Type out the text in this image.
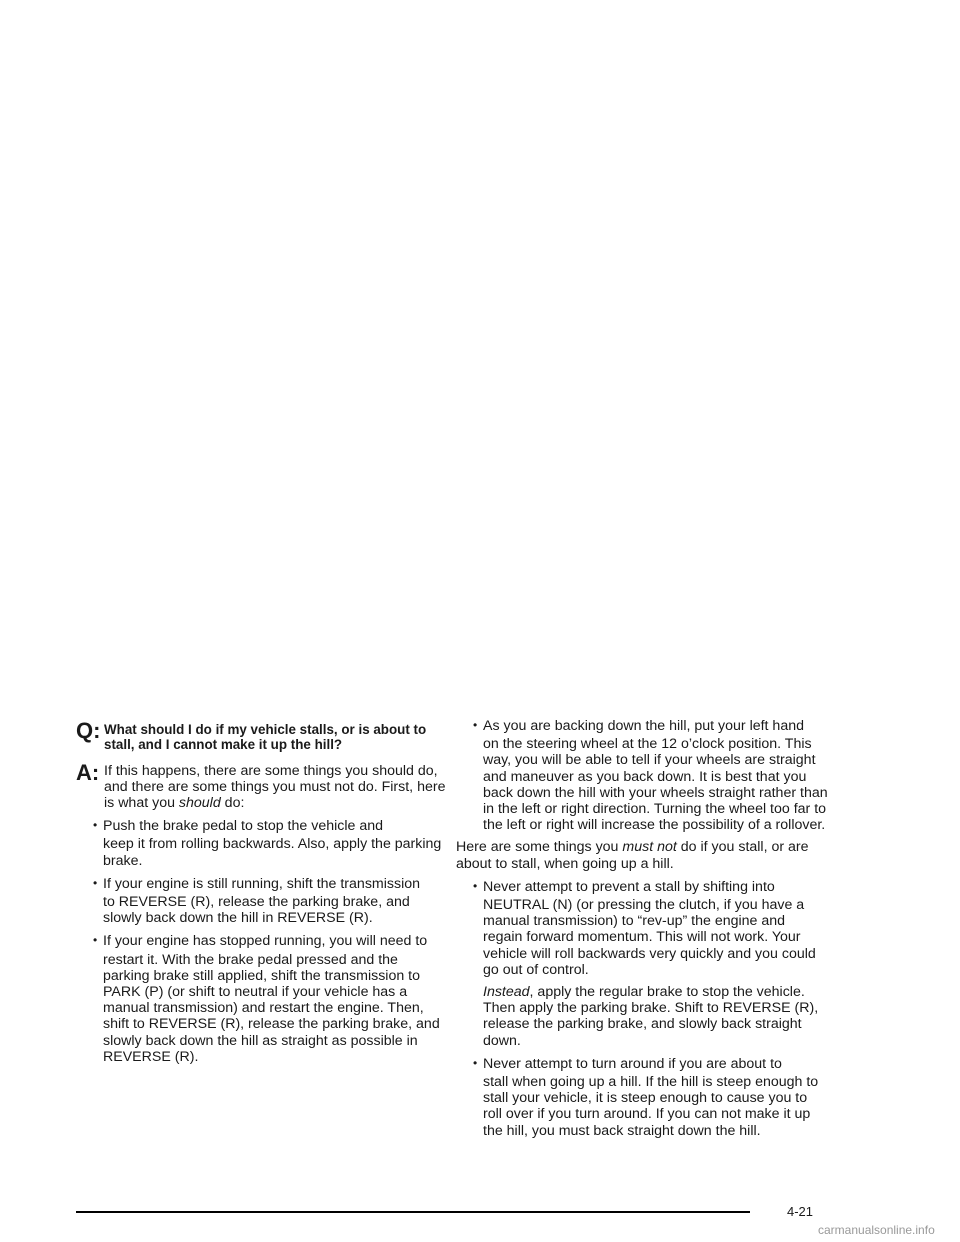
Q: What should I do if my vehicle stalls, or is about to stall, and I cannot make it up the hill?
A: If this happens, there are some things you should do, and there are some things you must not do. First, here is what you should do:

• Push the brake pedal to stop the vehicle and
keep it from rolling backwards. Also, apply the parking brake.
• If your engine is still running, shift the transmission
to REVERSE (R), release the parking brake, and slowly back down the hill in REVERSE (R).
• If your engine has stopped running, you will need to
restart it. With the brake pedal pressed and the parking brake still applied, shift the transmission to PARK (P) (or shift to neutral if your vehicle has a manual transmission) and restart the engine. Then, shift to REVERSE (R), release the parking brake, and slowly back down the hill as straight as possible in REVERSE (R).
• As you are backing down the hill, put your left hand
on the steering wheel at the 12 o’clock position. This way, you will be able to tell if your wheels are straight and maneuver as you back down. It is best that you back down the hill with your wheels straight rather than in the left or right direction. Turning the wheel too far to the left or right will increase the possibility of a rollover.

Here are some things you must not do if you stall, or are about to stall, when going up a hill.

• Never attempt to prevent a stall by shifting into
NEUTRAL (N) (or pressing the clutch, if you have a manual transmission) to “rev-up” the engine and regain forward momentum. This will not work. Your vehicle will roll backwards very quickly and you could go out of control.
Instead, apply the regular brake to stop the vehicle. Then apply the parking brake. Shift to REVERSE (R), release the parking brake, and slowly back straight down.
• Never attempt to turn around if you are about to
stall when going up a hill. If the hill is steep enough to stall your vehicle, it is steep enough to cause you to roll over if you turn around. If you can not make it up the hill, you must back straight down the hill.
4-21
carmanualsonline.info
